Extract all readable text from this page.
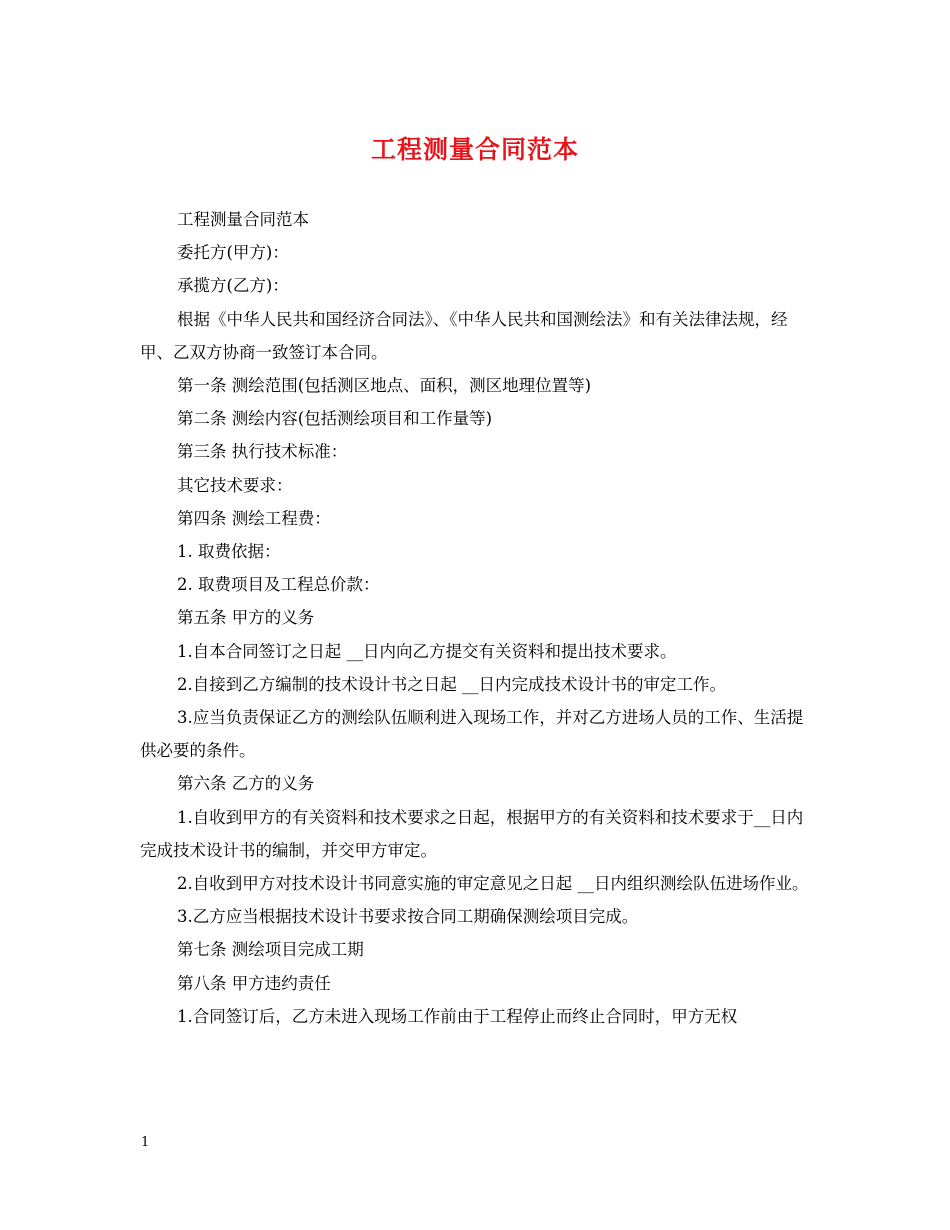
工程测量合同范本

工程测量合同范本

委托方(甲方)：

承揽方(乙方)：

根据《中华人民共和国经济合同法》、《中华人民共和国测绘法》和有关法律法规，经甲、乙双方协商一致签订本合同。

第一条 测绘范围(包括测区地点、面积，测区地理位置等)

第二条 测绘内容(包括测绘项目和工作量等)

第三条 执行技术标准：

其它技术要求：

第四条 测绘工程费：

1. 取费依据：

2. 取费项目及工程总价款：

第五条 甲方的义务

1.自本合同签订之日起 __日内向乙方提交有关资料和提出技术要求。

2.自接到乙方编制的技术设计书之日起 __日内完成技术设计书的审定工作。

3.应当负责保证乙方的测绘队伍顺利进入现场工作，并对乙方进场人员的工作、生活提供必要的条件。

第六条 乙方的义务

1.自收到甲方的有关资料和技术要求之日起，根据甲方的有关资料和技术要求于__日内完成技术设计书的编制，并交甲方审定。

2.自收到甲方对技术设计书同意实施的审定意见之日起 __日内组织测绘队伍进场作业。

3.乙方应当根据技术设计书要求按合同工期确保测绘项目完成。

第七条 测绘项目完成工期

第八条 甲方违约责任

1.合同签订后，乙方未进入现场工作前由于工程停止而终止合同时，甲方无权

1
